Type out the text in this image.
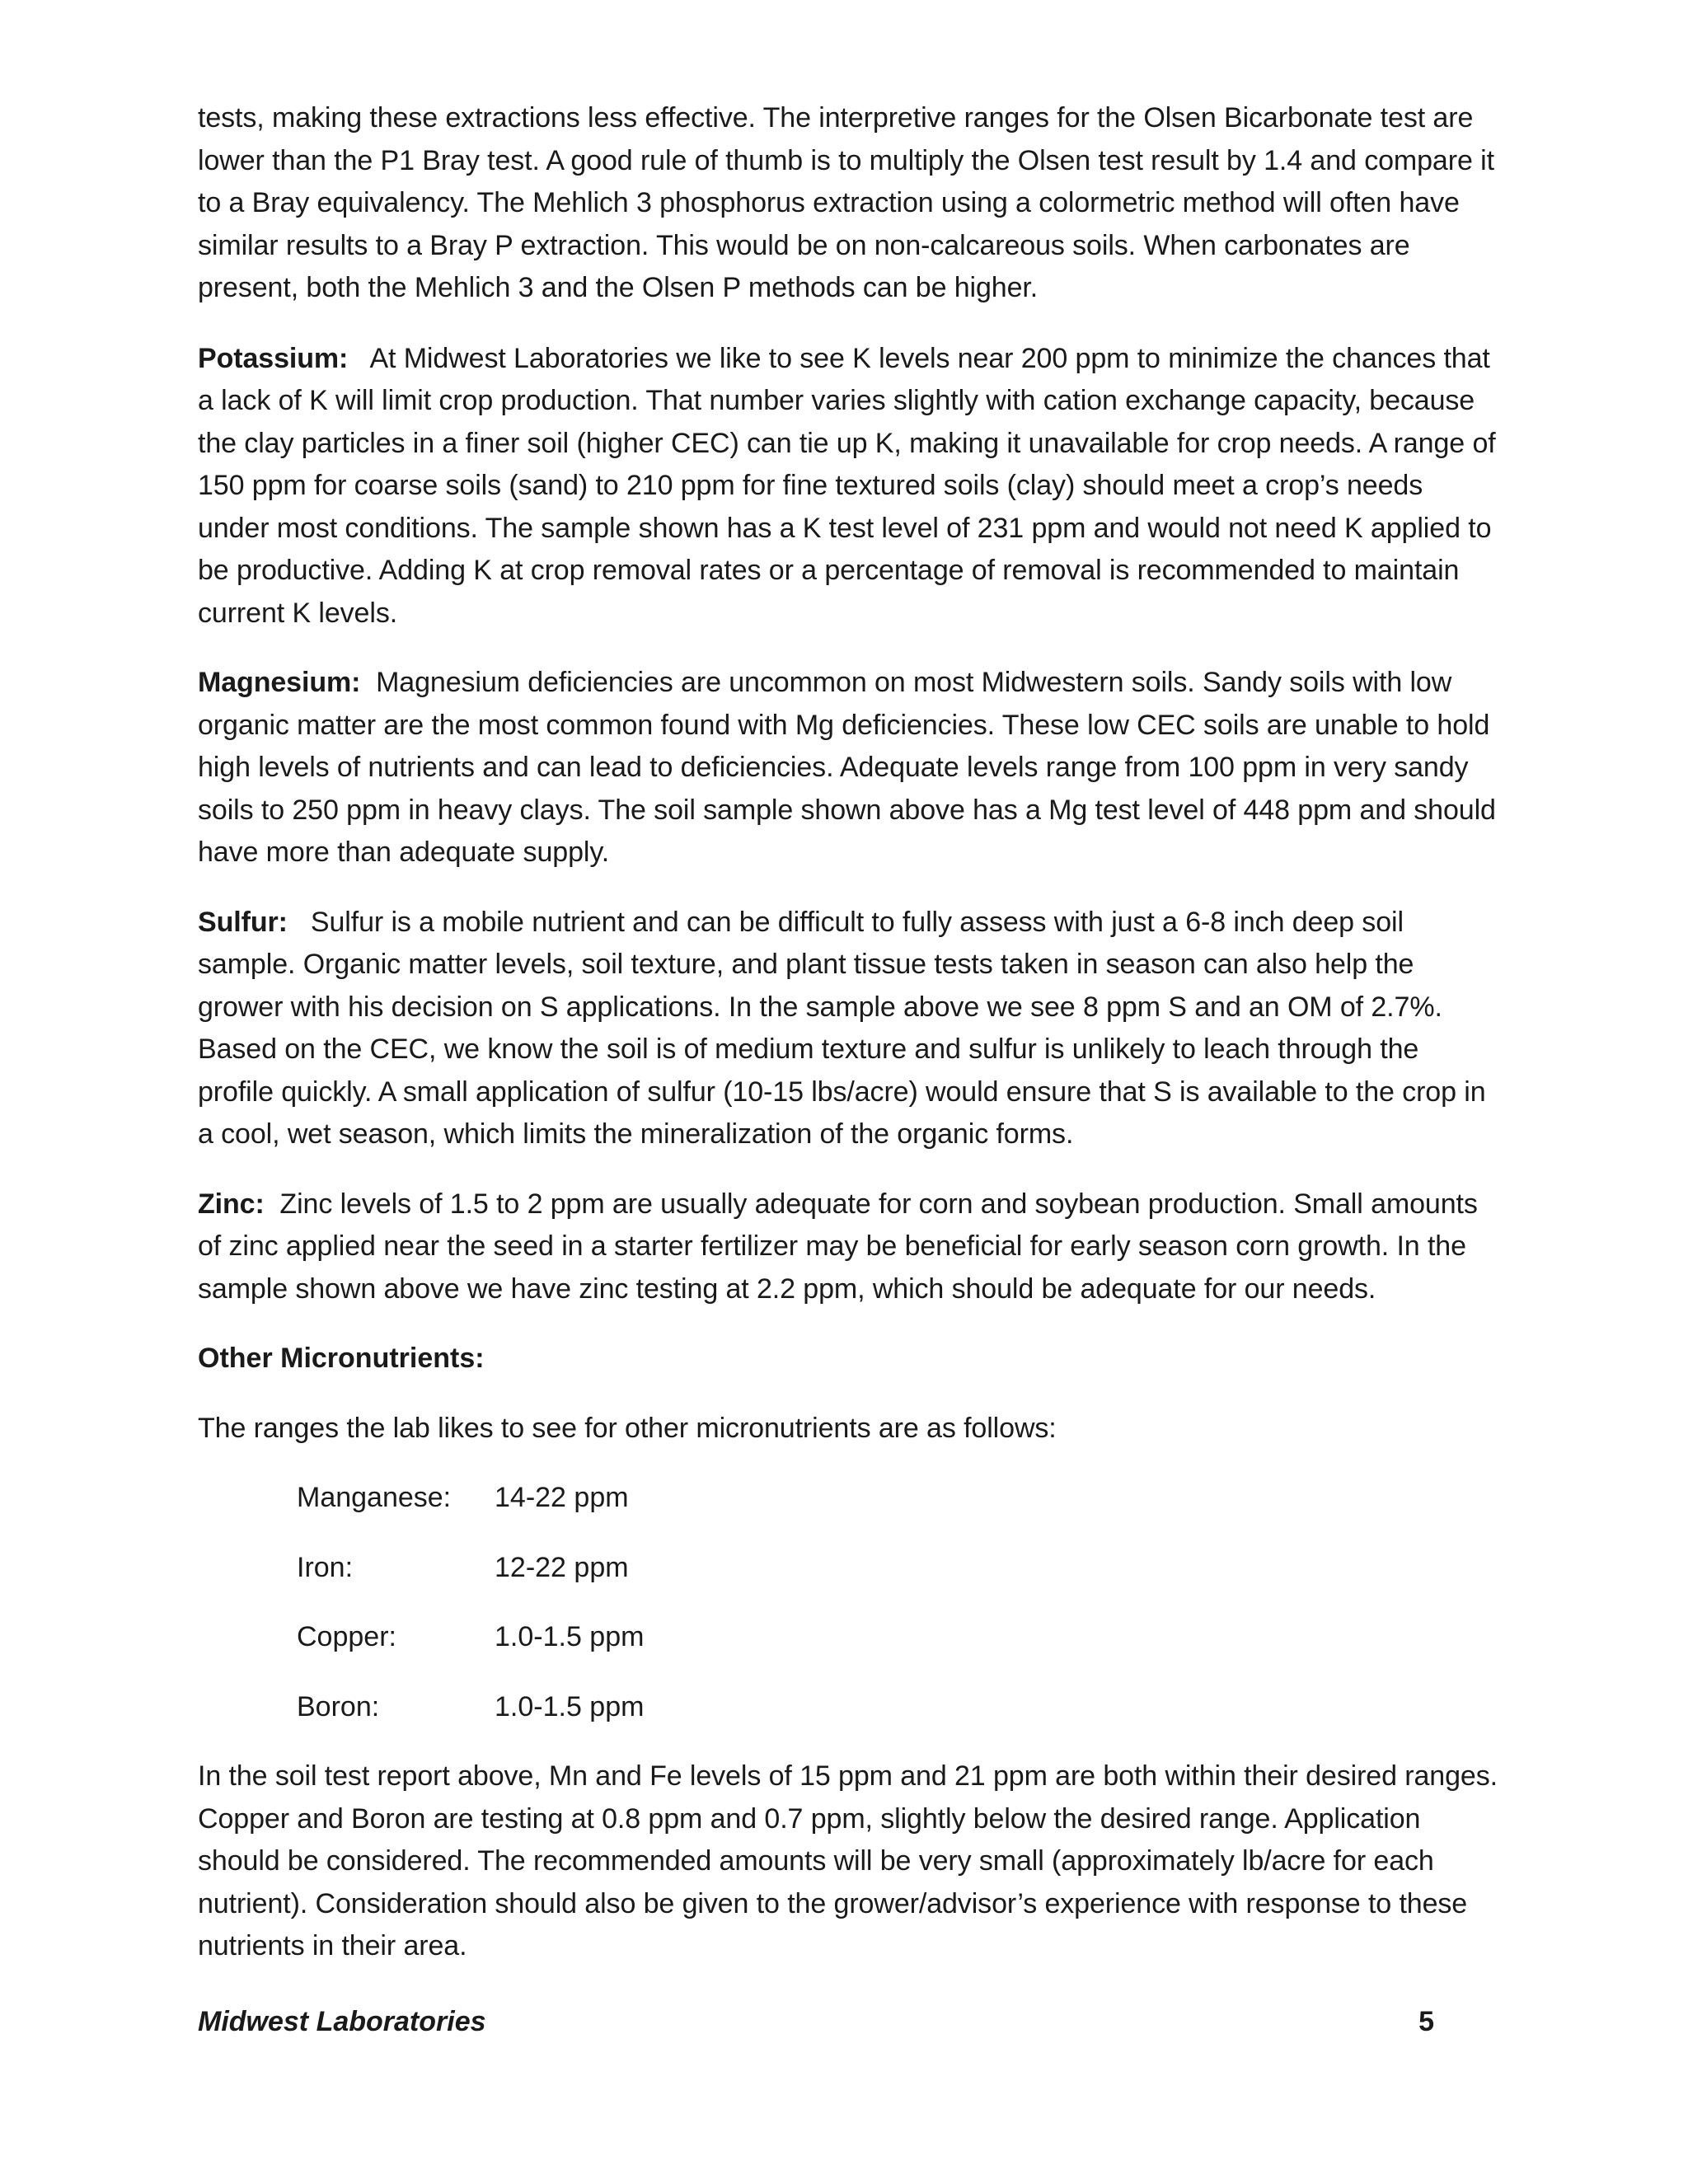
tests, making these extractions less effective. The interpretive ranges for the Olsen Bicarbonate test are lower than the P1 Bray test. A good rule of thumb is to multiply the Olsen test result by 1.4 and compare it to a Bray equivalency. The Mehlich 3 phosphorus extraction using a colormetric method will often have similar results to a Bray P extraction. This would be on non-calcareous soils. When carbonates are present, both the Mehlich 3 and the Olsen P methods can be higher.

Potassium: At Midwest Laboratories we like to see K levels near 200 ppm to minimize the chances that a lack of K will limit crop production. That number varies slightly with cation exchange capacity, because the clay particles in a finer soil (higher CEC) can tie up K, making it unavailable for crop needs. A range of 150 ppm for coarse soils (sand) to 210 ppm for fine textured soils (clay) should meet a crop’s needs under most conditions. The sample shown has a K test level of 231 ppm and would not need K applied to be productive. Adding K at crop removal rates or a percentage of removal is recommended to maintain current K levels.

Magnesium: Magnesium deficiencies are uncommon on most Midwestern soils. Sandy soils with low organic matter are the most common found with Mg deficiencies. These low CEC soils are unable to hold high levels of nutrients and can lead to deficiencies. Adequate levels range from 100 ppm in very sandy soils to 250 ppm in heavy clays. The soil sample shown above has a Mg test level of 448 ppm and should have more than adequate supply.

Sulfur: Sulfur is a mobile nutrient and can be difficult to fully assess with just a 6-8 inch deep soil sample. Organic matter levels, soil texture, and plant tissue tests taken in season can also help the grower with his decision on S applications. In the sample above we see 8 ppm S and an OM of 2.7%. Based on the CEC, we know the soil is of medium texture and sulfur is unlikely to leach through the profile quickly. A small application of sulfur (10-15 lbs/acre) would ensure that S is available to the crop in a cool, wet season, which limits the mineralization of the organic forms.

Zinc: Zinc levels of 1.5 to 2 ppm are usually adequate for corn and soybean production. Small amounts of zinc applied near the seed in a starter fertilizer may be beneficial for early season corn growth. In the sample shown above we have zinc testing at 2.2 ppm, which should be adequate for our needs.

Other Micronutrients:

The ranges the lab likes to see for other micronutrients are as follows:

Manganese:	14-22 ppm
Iron:	12-22 ppm
Copper:	1.0-1.5 ppm
Boron:	1.0-1.5 ppm

In the soil test report above, Mn and Fe levels of 15 ppm and 21 ppm are both within their desired ranges. Copper and Boron are testing at 0.8 ppm and 0.7 ppm, slightly below the desired range. Application should be considered. The recommended amounts will be very small (approximately lb/acre for each nutrient). Consideration should also be given to the grower/advisor’s experience with response to these nutrients in their area.

Midwest Laboratories	5
